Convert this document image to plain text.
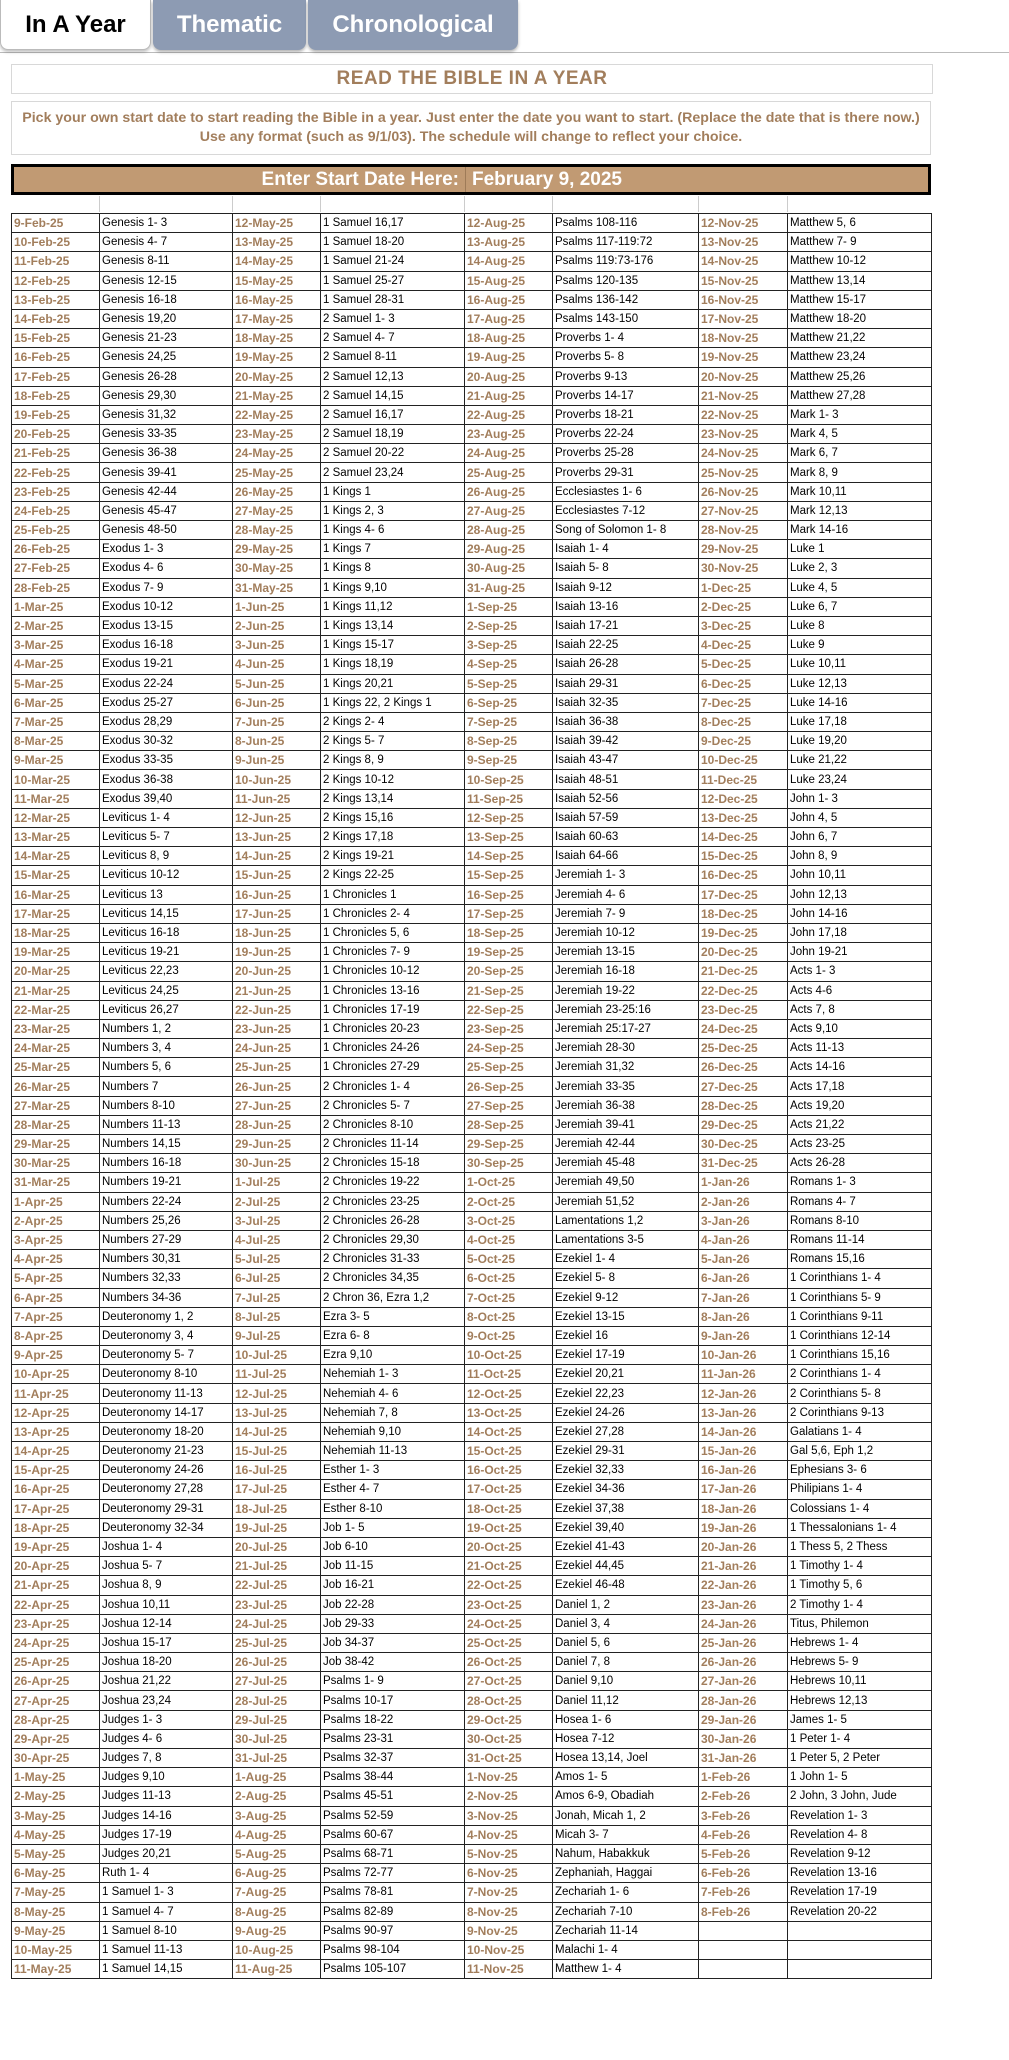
In A Year	Thematic	Chronological
READ THE BIBLE IN A YEAR
Pick your own start date to start reading the Bible in a year. Just enter the date you want to start. (Replace the date that is there now.) Use any format (such as 9/1/03). The schedule will change to reflect your choice.
Enter Start Date Here: February 9, 2025
9-Feb-25	Genesis 1- 3	12-May-25	1 Samuel 16,17	12-Aug-25	Psalms 108-116	12-Nov-25	Matthew 5, 6
10-Feb-25	Genesis 4- 7	13-May-25	1 Samuel 18-20	13-Aug-25	Psalms 117-119:72	13-Nov-25	Matthew 7- 9
11-Feb-25	Genesis 8-11	14-May-25	1 Samuel 21-24	14-Aug-25	Psalms 119:73-176	14-Nov-25	Matthew 10-12
12-Feb-25	Genesis 12-15	15-May-25	1 Samuel 25-27	15-Aug-25	Psalms 120-135	15-Nov-25	Matthew 13,14
13-Feb-25	Genesis 16-18	16-May-25	1 Samuel 28-31	16-Aug-25	Psalms 136-142	16-Nov-25	Matthew 15-17
14-Feb-25	Genesis 19,20	17-May-25	2 Samuel 1- 3	17-Aug-25	Psalms 143-150	17-Nov-25	Matthew 18-20
15-Feb-25	Genesis 21-23	18-May-25	2 Samuel 4- 7	18-Aug-25	Proverbs 1- 4	18-Nov-25	Matthew 21,22
16-Feb-25	Genesis 24,25	19-May-25	2 Samuel 8-11	19-Aug-25	Proverbs 5- 8	19-Nov-25	Matthew 23,24
17-Feb-25	Genesis 26-28	20-May-25	2 Samuel 12,13	20-Aug-25	Proverbs 9-13	20-Nov-25	Matthew 25,26
18-Feb-25	Genesis 29,30	21-May-25	2 Samuel 14,15	21-Aug-25	Proverbs 14-17	21-Nov-25	Matthew 27,28
19-Feb-25	Genesis 31,32	22-May-25	2 Samuel 16,17	22-Aug-25	Proverbs 18-21	22-Nov-25	Mark 1- 3
20-Feb-25	Genesis 33-35	23-May-25	2 Samuel 18,19	23-Aug-25	Proverbs 22-24	23-Nov-25	Mark 4, 5
21-Feb-25	Genesis 36-38	24-May-25	2 Samuel 20-22	24-Aug-25	Proverbs 25-28	24-Nov-25	Mark 6, 7
22-Feb-25	Genesis 39-41	25-May-25	2 Samuel 23,24	25-Aug-25	Proverbs 29-31	25-Nov-25	Mark 8, 9
23-Feb-25	Genesis 42-44	26-May-25	1 Kings 1	26-Aug-25	Ecclesiastes 1- 6	26-Nov-25	Mark 10,11
24-Feb-25	Genesis 45-47	27-May-25	1 Kings 2, 3	27-Aug-25	Ecclesiastes 7-12	27-Nov-25	Mark 12,13
25-Feb-25	Genesis 48-50	28-May-25	1 Kings 4- 6	28-Aug-25	Song of Solomon 1- 8	28-Nov-25	Mark 14-16
26-Feb-25	Exodus 1- 3	29-May-25	1 Kings 7	29-Aug-25	Isaiah 1- 4	29-Nov-25	Luke 1
27-Feb-25	Exodus 4- 6	30-May-25	1 Kings 8	30-Aug-25	Isaiah 5- 8	30-Nov-25	Luke 2, 3
28-Feb-25	Exodus 7- 9	31-May-25	1 Kings 9,10	31-Aug-25	Isaiah 9-12	1-Dec-25	Luke 4, 5
1-Mar-25	Exodus 10-12	1-Jun-25	1 Kings 11,12	1-Sep-25	Isaiah 13-16	2-Dec-25	Luke 6, 7
2-Mar-25	Exodus 13-15	2-Jun-25	1 Kings 13,14	2-Sep-25	Isaiah 17-21	3-Dec-25	Luke 8
3-Mar-25	Exodus 16-18	3-Jun-25	1 Kings 15-17	3-Sep-25	Isaiah 22-25	4-Dec-25	Luke 9
4-Mar-25	Exodus 19-21	4-Jun-25	1 Kings 18,19	4-Sep-25	Isaiah 26-28	5-Dec-25	Luke 10,11
5-Mar-25	Exodus 22-24	5-Jun-25	1 Kings 20,21	5-Sep-25	Isaiah 29-31	6-Dec-25	Luke 12,13
6-Mar-25	Exodus 25-27	6-Jun-25	1 Kings 22, 2 Kings 1	6-Sep-25	Isaiah 32-35	7-Dec-25	Luke 14-16
7-Mar-25	Exodus 28,29	7-Jun-25	2 Kings 2- 4	7-Sep-25	Isaiah 36-38	8-Dec-25	Luke 17,18
8-Mar-25	Exodus 30-32	8-Jun-25	2 Kings 5- 7	8-Sep-25	Isaiah 39-42	9-Dec-25	Luke 19,20
9-Mar-25	Exodus 33-35	9-Jun-25	2 Kings 8, 9	9-Sep-25	Isaiah 43-47	10-Dec-25	Luke 21,22
10-Mar-25	Exodus 36-38	10-Jun-25	2 Kings 10-12	10-Sep-25	Isaiah 48-51	11-Dec-25	Luke 23,24
11-Mar-25	Exodus 39,40	11-Jun-25	2 Kings 13,14	11-Sep-25	Isaiah 52-56	12-Dec-25	John 1- 3
12-Mar-25	Leviticus 1- 4	12-Jun-25	2 Kings 15,16	12-Sep-25	Isaiah 57-59	13-Dec-25	John 4, 5
13-Mar-25	Leviticus 5- 7	13-Jun-25	2 Kings 17,18	13-Sep-25	Isaiah 60-63	14-Dec-25	John 6, 7
14-Mar-25	Leviticus 8, 9	14-Jun-25	2 Kings 19-21	14-Sep-25	Isaiah 64-66	15-Dec-25	John 8, 9
15-Mar-25	Leviticus 10-12	15-Jun-25	2 Kings 22-25	15-Sep-25	Jeremiah 1- 3	16-Dec-25	John 10,11
16-Mar-25	Leviticus 13	16-Jun-25	1 Chronicles 1	16-Sep-25	Jeremiah 4- 6	17-Dec-25	John 12,13
17-Mar-25	Leviticus 14,15	17-Jun-25	1 Chronicles 2- 4	17-Sep-25	Jeremiah 7- 9	18-Dec-25	John 14-16
18-Mar-25	Leviticus 16-18	18-Jun-25	1 Chronicles 5, 6	18-Sep-25	Jeremiah 10-12	19-Dec-25	John 17,18
19-Mar-25	Leviticus 19-21	19-Jun-25	1 Chronicles 7- 9	19-Sep-25	Jeremiah 13-15	20-Dec-25	John 19-21
20-Mar-25	Leviticus 22,23	20-Jun-25	1 Chronicles 10-12	20-Sep-25	Jeremiah 16-18	21-Dec-25	Acts 1- 3
21-Mar-25	Leviticus 24,25	21-Jun-25	1 Chronicles 13-16	21-Sep-25	Jeremiah 19-22	22-Dec-25	Acts 4-6
22-Mar-25	Leviticus 26,27	22-Jun-25	1 Chronicles 17-19	22-Sep-25	Jeremiah 23-25:16	23-Dec-25	Acts 7, 8
23-Mar-25	Numbers 1, 2	23-Jun-25	1 Chronicles 20-23	23-Sep-25	Jeremiah 25:17-27	24-Dec-25	Acts 9,10
24-Mar-25	Numbers 3, 4	24-Jun-25	1 Chronicles 24-26	24-Sep-25	Jeremiah 28-30	25-Dec-25	Acts 11-13
25-Mar-25	Numbers 5, 6	25-Jun-25	1 Chronicles 27-29	25-Sep-25	Jeremiah 31,32	26-Dec-25	Acts 14-16
26-Mar-25	Numbers 7	26-Jun-25	2 Chronicles 1- 4	26-Sep-25	Jeremiah 33-35	27-Dec-25	Acts 17,18
27-Mar-25	Numbers 8-10	27-Jun-25	2 Chronicles 5- 7	27-Sep-25	Jeremiah 36-38	28-Dec-25	Acts 19,20
28-Mar-25	Numbers 11-13	28-Jun-25	2 Chronicles 8-10	28-Sep-25	Jeremiah 39-41	29-Dec-25	Acts 21,22
29-Mar-25	Numbers 14,15	29-Jun-25	2 Chronicles 11-14	29-Sep-25	Jeremiah 42-44	30-Dec-25	Acts 23-25
30-Mar-25	Numbers 16-18	30-Jun-25	2 Chronicles 15-18	30-Sep-25	Jeremiah 45-48	31-Dec-25	Acts 26-28
31-Mar-25	Numbers 19-21	1-Jul-25	2 Chronicles 19-22	1-Oct-25	Jeremiah 49,50	1-Jan-26	Romans 1- 3
1-Apr-25	Numbers 22-24	2-Jul-25	2 Chronicles 23-25	2-Oct-25	Jeremiah 51,52	2-Jan-26	Romans 4- 7
2-Apr-25	Numbers 25,26	3-Jul-25	2 Chronicles 26-28	3-Oct-25	Lamentations 1,2	3-Jan-26	Romans 8-10
3-Apr-25	Numbers 27-29	4-Jul-25	2 Chronicles 29,30	4-Oct-25	Lamentations 3-5	4-Jan-26	Romans 11-14
4-Apr-25	Numbers 30,31	5-Jul-25	2 Chronicles 31-33	5-Oct-25	Ezekiel 1- 4	5-Jan-26	Romans 15,16
5-Apr-25	Numbers 32,33	6-Jul-25	2 Chronicles 34,35	6-Oct-25	Ezekiel 5- 8	6-Jan-26	1 Corinthians 1- 4
6-Apr-25	Numbers 34-36	7-Jul-25	2 Chron 36, Ezra 1,2	7-Oct-25	Ezekiel 9-12	7-Jan-26	1 Corinthians 5- 9
7-Apr-25	Deuteronomy 1, 2	8-Jul-25	Ezra 3- 5	8-Oct-25	Ezekiel 13-15	8-Jan-26	1 Corinthians 9-11
8-Apr-25	Deuteronomy 3, 4	9-Jul-25	Ezra 6- 8	9-Oct-25	Ezekiel 16	9-Jan-26	1 Corinthians 12-14
9-Apr-25	Deuteronomy 5- 7	10-Jul-25	Ezra 9,10	10-Oct-25	Ezekiel 17-19	10-Jan-26	1 Corinthians 15,16
10-Apr-25	Deuteronomy 8-10	11-Jul-25	Nehemiah 1- 3	11-Oct-25	Ezekiel 20,21	11-Jan-26	2 Corinthians 1- 4
11-Apr-25	Deuteronomy 11-13	12-Jul-25	Nehemiah 4- 6	12-Oct-25	Ezekiel 22,23	12-Jan-26	2 Corinthians 5- 8
12-Apr-25	Deuteronomy 14-17	13-Jul-25	Nehemiah 7, 8	13-Oct-25	Ezekiel 24-26	13-Jan-26	2 Corinthians 9-13
13-Apr-25	Deuteronomy 18-20	14-Jul-25	Nehemiah 9,10	14-Oct-25	Ezekiel 27,28	14-Jan-26	Galatians 1- 4
14-Apr-25	Deuteronomy 21-23	15-Jul-25	Nehemiah 11-13	15-Oct-25	Ezekiel 29-31	15-Jan-26	Gal 5,6, Eph 1,2
15-Apr-25	Deuteronomy 24-26	16-Jul-25	Esther 1- 3	16-Oct-25	Ezekiel 32,33	16-Jan-26	Ephesians 3- 6
16-Apr-25	Deuteronomy 27,28	17-Jul-25	Esther 4- 7	17-Oct-25	Ezekiel 34-36	17-Jan-26	Philipians 1- 4
17-Apr-25	Deuteronomy 29-31	18-Jul-25	Esther 8-10	18-Oct-25	Ezekiel 37,38	18-Jan-26	Colossians 1- 4
18-Apr-25	Deuteronomy 32-34	19-Jul-25	Job 1- 5	19-Oct-25	Ezekiel 39,40	19-Jan-26	1 Thessalonians 1- 4
19-Apr-25	Joshua 1- 4	20-Jul-25	Job 6-10	20-Oct-25	Ezekiel 41-43	20-Jan-26	1 Thess 5, 2 Thess
20-Apr-25	Joshua 5- 7	21-Jul-25	Job 11-15	21-Oct-25	Ezekiel 44,45	21-Jan-26	1 Timothy 1- 4
21-Apr-25	Joshua 8, 9	22-Jul-25	Job 16-21	22-Oct-25	Ezekiel 46-48	22-Jan-26	1 Timothy 5, 6
22-Apr-25	Joshua 10,11	23-Jul-25	Job 22-28	23-Oct-25	Daniel 1, 2	23-Jan-26	2 Timothy 1- 4
23-Apr-25	Joshua 12-14	24-Jul-25	Job 29-33	24-Oct-25	Daniel 3, 4	24-Jan-26	Titus, Philemon
24-Apr-25	Joshua 15-17	25-Jul-25	Job 34-37	25-Oct-25	Daniel 5, 6	25-Jan-26	Hebrews 1- 4
25-Apr-25	Joshua 18-20	26-Jul-25	Job 38-42	26-Oct-25	Daniel 7, 8	26-Jan-26	Hebrews 5- 9
26-Apr-25	Joshua 21,22	27-Jul-25	Psalms 1- 9	27-Oct-25	Daniel 9,10	27-Jan-26	Hebrews 10,11
27-Apr-25	Joshua 23,24	28-Jul-25	Psalms 10-17	28-Oct-25	Daniel 11,12	28-Jan-26	Hebrews 12,13
28-Apr-25	Judges 1- 3	29-Jul-25	Psalms 18-22	29-Oct-25	Hosea 1- 6	29-Jan-26	James 1- 5
29-Apr-25	Judges 4- 6	30-Jul-25	Psalms 23-31	30-Oct-25	Hosea 7-12	30-Jan-26	1 Peter 1- 4
30-Apr-25	Judges 7, 8	31-Jul-25	Psalms 32-37	31-Oct-25	Hosea 13,14, Joel	31-Jan-26	1 Peter 5, 2 Peter
1-May-25	Judges 9,10	1-Aug-25	Psalms 38-44	1-Nov-25	Amos 1- 5	1-Feb-26	1 John 1- 5
2-May-25	Judges 11-13	2-Aug-25	Psalms 45-51	2-Nov-25	Amos 6-9, Obadiah	2-Feb-26	2 John, 3 John, Jude
3-May-25	Judges 14-16	3-Aug-25	Psalms 52-59	3-Nov-25	Jonah, Micah 1, 2	3-Feb-26	Revelation 1- 3
4-May-25	Judges 17-19	4-Aug-25	Psalms 60-67	4-Nov-25	Micah 3- 7	4-Feb-26	Revelation 4- 8
5-May-25	Judges 20,21	5-Aug-25	Psalms 68-71	5-Nov-25	Nahum, Habakkuk	5-Feb-26	Revelation 9-12
6-May-25	Ruth 1- 4	6-Aug-25	Psalms 72-77	6-Nov-25	Zephaniah, Haggai	6-Feb-26	Revelation 13-16
7-May-25	1 Samuel 1- 3	7-Aug-25	Psalms 78-81	7-Nov-25	Zechariah 1- 6	7-Feb-26	Revelation 17-19
8-May-25	1 Samuel 4- 7	8-Aug-25	Psalms 82-89	8-Nov-25	Zechariah 7-10	8-Feb-26	Revelation 20-22
9-May-25	1 Samuel 8-10	9-Aug-25	Psalms 90-97	9-Nov-25	Zechariah 11-14		
10-May-25	1 Samuel 11-13	10-Aug-25	Psalms 98-104	10-Nov-25	Malachi 1- 4		
11-May-25	1 Samuel 14,15	11-Aug-25	Psalms 105-107	11-Nov-25	Matthew 1- 4		
